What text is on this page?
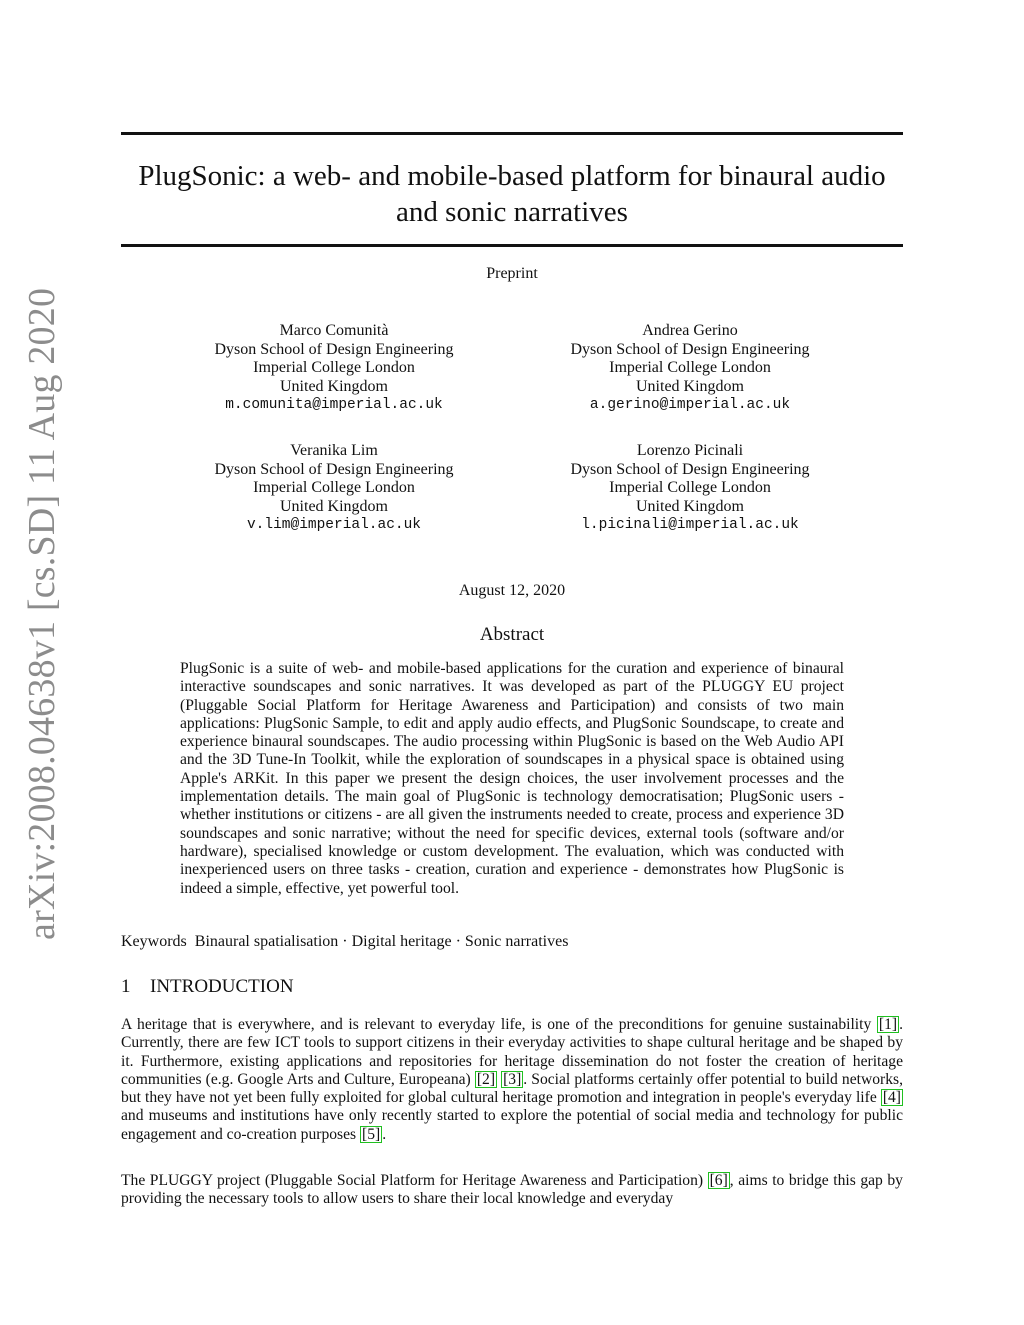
arXiv:2008.04638v1 [cs.SD] 11 Aug 2020
PlugSonic: a web- and mobile-based platform for binaural audio and sonic narratives
Preprint
Marco Comunità
Dyson School of Design Engineering
Imperial College London
United Kingdom
m.comunita@imperial.ac.uk
Andrea Gerino
Dyson School of Design Engineering
Imperial College London
United Kingdom
a.gerino@imperial.ac.uk
Veranika Lim
Dyson School of Design Engineering
Imperial College London
United Kingdom
v.lim@imperial.ac.uk
Lorenzo Picinali
Dyson School of Design Engineering
Imperial College London
United Kingdom
l.picinali@imperial.ac.uk
August 12, 2020
Abstract
PlugSonic is a suite of web- and mobile-based applications for the curation and experience of binaural interactive soundscapes and sonic narratives. It was developed as part of the PLUGGY EU project (Pluggable Social Platform for Heritage Awareness and Participation) and consists of two main applications: PlugSonic Sample, to edit and apply audio effects, and PlugSonic Soundscape, to create and experience binaural soundscapes. The audio processing within PlugSonic is based on the Web Audio API and the 3D Tune-In Toolkit, while the exploration of soundscapes in a physical space is obtained using Apple's ARKit. In this paper we present the design choices, the user involvement processes and the implementation details. The main goal of PlugSonic is technology democratisation; PlugSonic users - whether institutions or citizens - are all given the instruments needed to create, process and experience 3D soundscapes and sonic narrative; without the need for specific devices, external tools (software and/or hardware), specialised knowledge or custom development. The evaluation, which was conducted with inexperienced users on three tasks - creation, curation and experience - demonstrates how PlugSonic is indeed a simple, effective, yet powerful tool.
Keywords Binaural spatialisation · Digital heritage · Sonic narratives
1 INTRODUCTION

A heritage that is everywhere, and is relevant to everyday life, is one of the preconditions for genuine sustainability [1] . Currently, there are few ICT tools to support citizens in their everyday activities to shape cultural heritage and be shaped by it. Furthermore, existing applications and repositories for heritage dissemination do not foster the creation of heritage communities (e.g. Google Arts and Culture, Europeana) [2] [3] . Social platforms certainly offer potential to build networks, but they have not yet been fully exploited for global cultural heritage promotion and integration in people's everyday life [4] and museums and institutions have only recently started to explore the potential of social media and technology for public engagement and co-creation purposes [5] .

The PLUGGY project (Pluggable Social Platform for Heritage Awareness and Participation) [6] , aims to bridge this gap by providing the necessary tools to allow users to share their local knowledge and everyday
